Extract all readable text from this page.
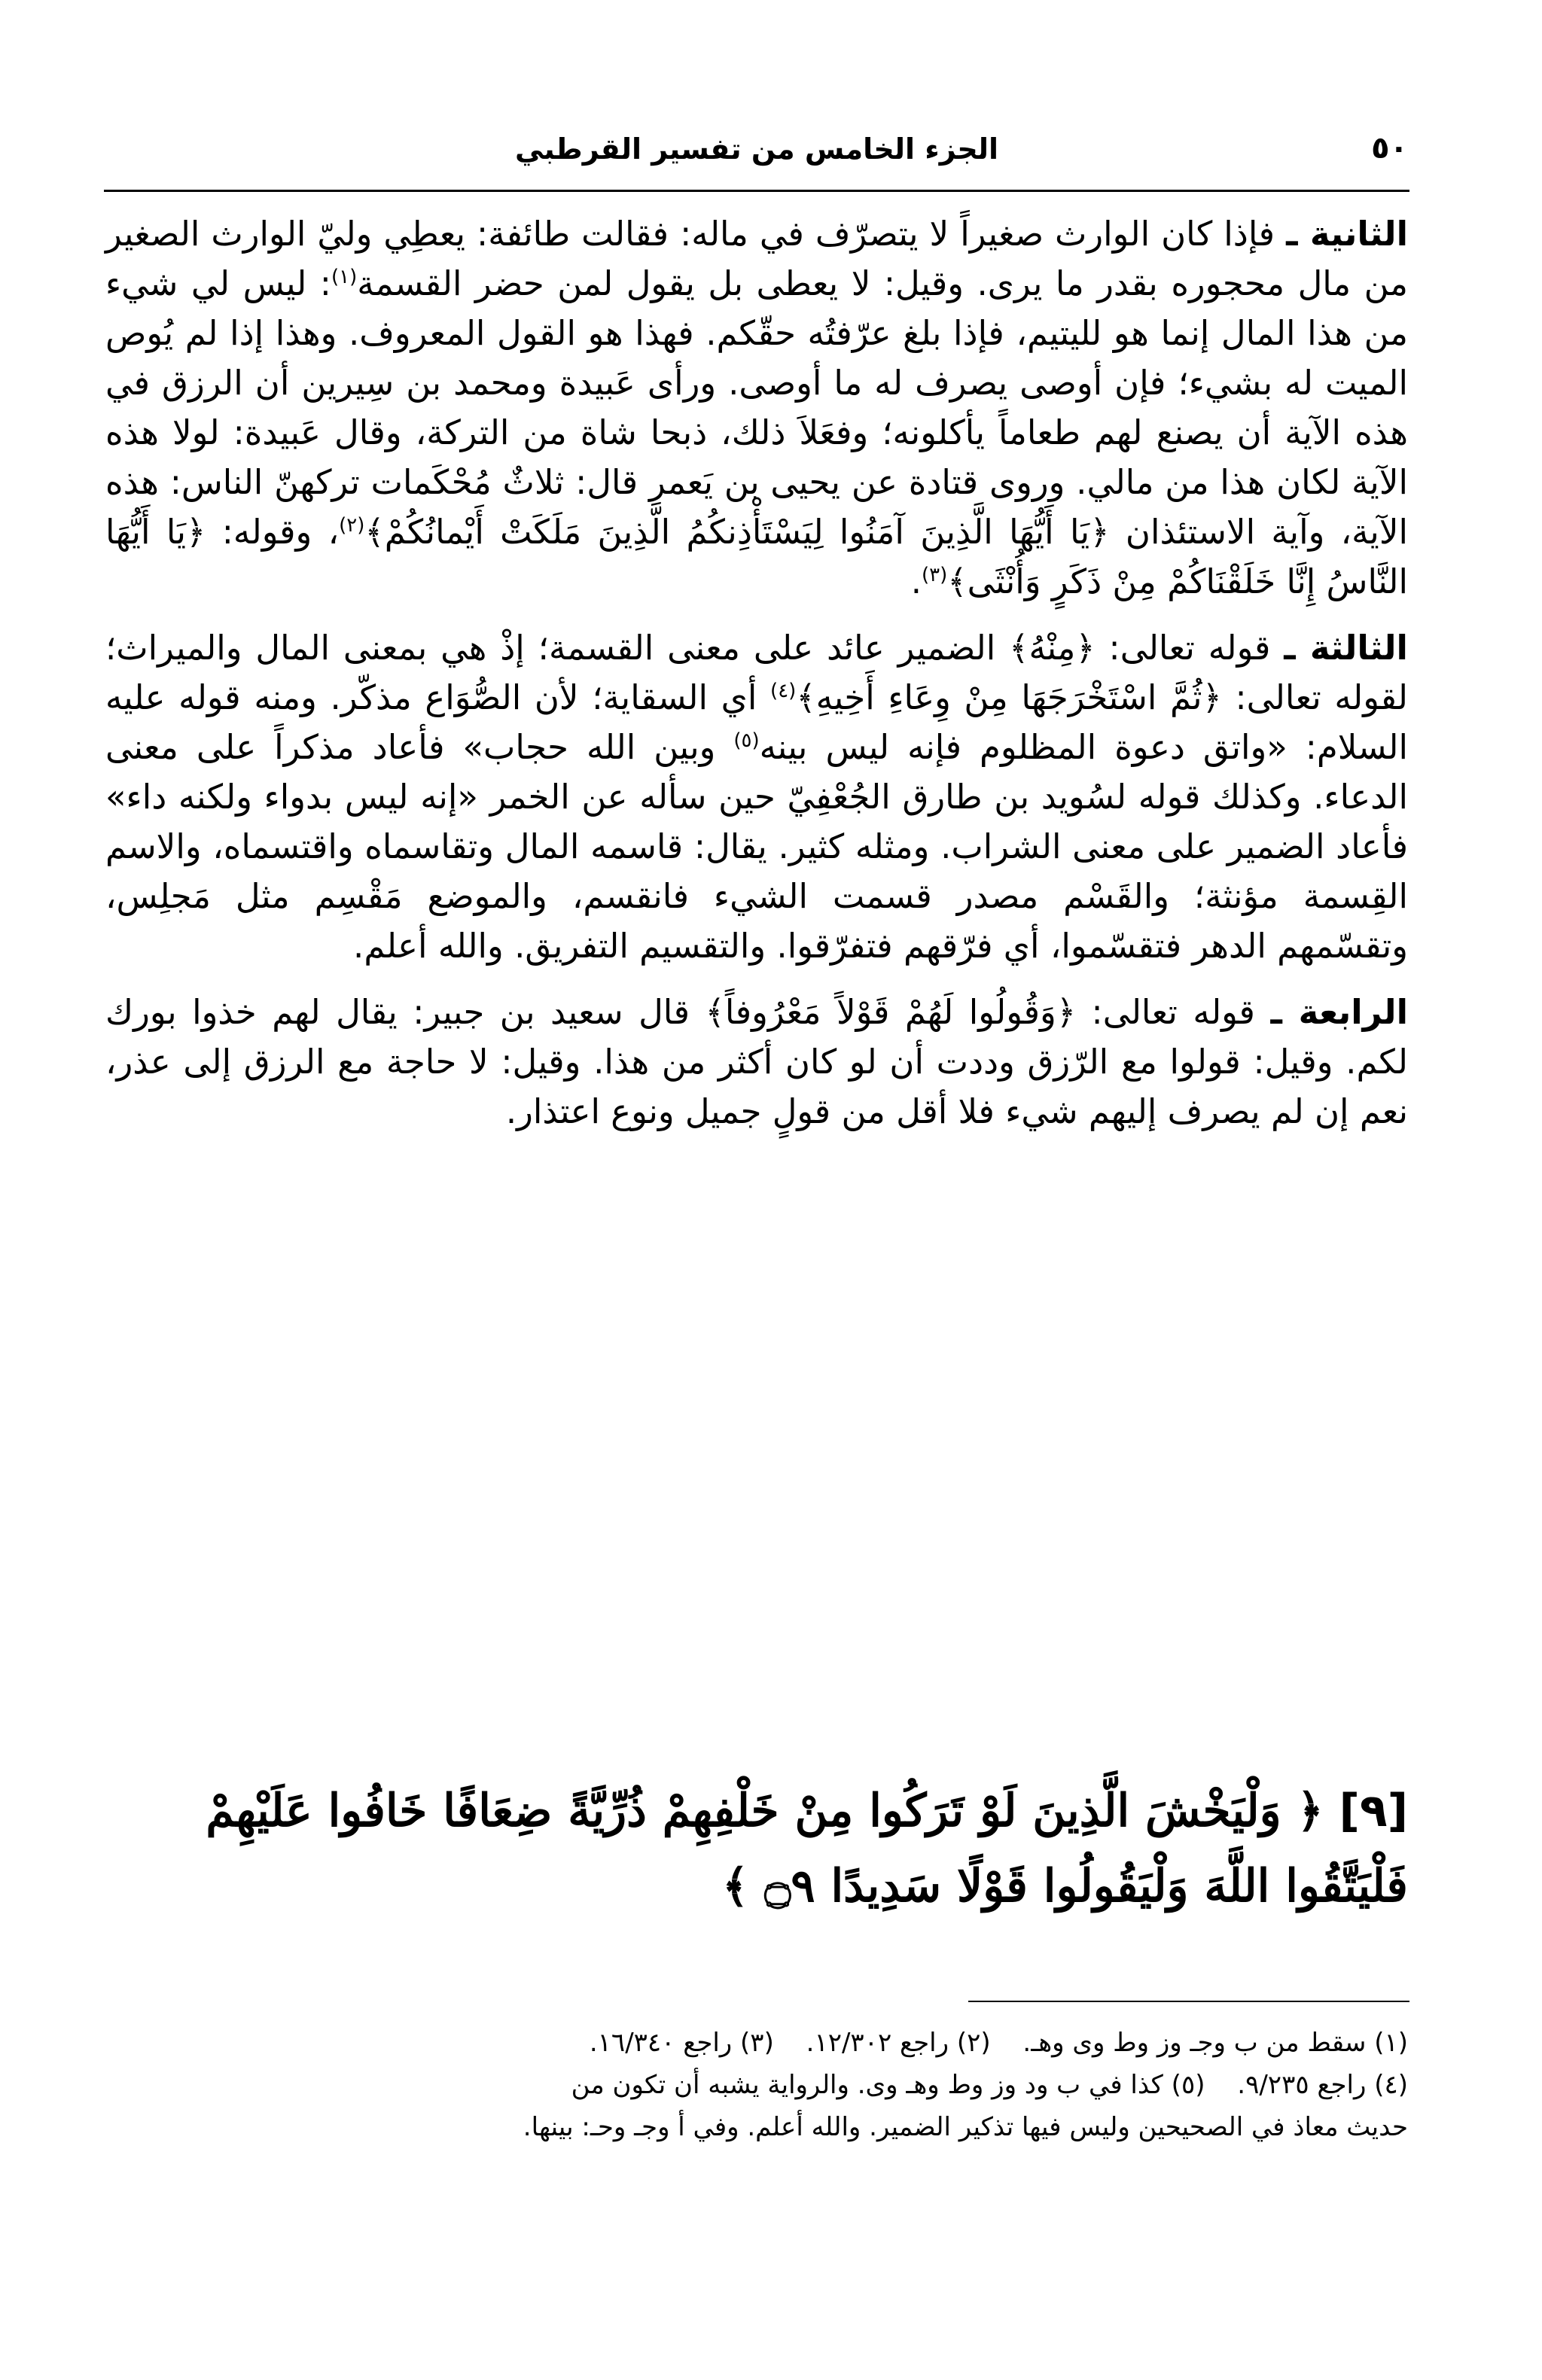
٥٠
الجزء الخامس من تفسير القرطبي

الثانية ـ فإذا كان الوارث صغيراً لا يتصرّف في ماله: فقالت طائفة: يعطِي وليّ الوارث الصغير من مال محجوره بقدر ما يرى. وقيل: لا يعطى بل يقول لمن حضر القسمة$^{(١)}$: ليس لي شيء من هذا المال إنما هو لليتيم، فإذا بلغ عرّفتُه حقّكم. فهذا هو القول المعروف. وهذا إذا لم يُوص الميت له بشيء؛ فإن أوصى يصرف له ما أوصى. ورأى عَبيدة ومحمد بن سِيرين أن الرزق في هذه الآية أن يصنع لهم طعاماً يأكلونه؛ وفعَلاَ ذلك، ذبحا شاة من التركة، وقال عَبيدة: لولا هذه الآية لكان هذا من مالي. وروى قتادة عن يحيى بن يَعمر قال: ثلاثٌ مُحْكَمات تركهنّ الناس: هذه الآية، وآية الاستئذان ﴿يَا أَيُّهَا الَّذِينَ آمَنُوا لِيَسْتَأْذِنكُمُ الَّذِينَ مَلَكَتْ أَيْمانُكُمْ﴾$^{(٢)}$، وقوله: ﴿يَا أَيُّهَا النَّاسُ إِنَّا خَلَقْنَاكُمْ مِنْ ذَكَرٍ وَأُنْثَى﴾$^{(٣)}$.

الثالثة ـ قوله تعالى: ﴿مِنْهُ﴾ الضمير عائد على معنى القسمة؛ إذْ هي بمعنى المال والميراث؛ لقوله تعالى: ﴿ثُمَّ اسْتَخْرَجَهَا مِنْ وِعَاءِ أَخِيهِ﴾$^{(٤)}$ أي السقاية؛ لأن الصُّوَاع مذكّر. ومنه قوله عليه السلام: «واتق دعوة المظلوم فإنه ليس بينه$^{(٥)}$ وبين الله حجاب» فأعاد مذكراً على معنى الدعاء. وكذلك قوله لسُويد بن طارق الجُعْفِيّ حين سأله عن الخمر «إنه ليس بدواء ولكنه داء» فأعاد الضمير على معنى الشراب. ومثله كثير. يقال: قاسمه المال وتقاسماه واقتسماه، والاسم القِسمة مؤنثة؛ والقَسْم مصدر قسمت الشيء فانقسم، والموضع مَقْسِم مثل مَجلِس، وتقسّمهم الدهر فتقسّموا، أي فرّقهم فتفرّقوا. والتقسيم التفريق. والله أعلم.

الرابعة ـ قوله تعالى: ﴿وَقُولُوا لَهُمْ قَوْلاً مَعْرُوفاً﴾ قال سعيد بن جبير: يقال لهم خذوا بورك لكم. وقيل: قولوا مع الرّزق وددت أن لو كان أكثر من هذا. وقيل: لا حاجة مع الرزق إلى عذر، نعم إن لم يصرف إليهم شيء فلا أقل من قولٍ جميل ونوع اعتذار.

[٩] ﴿ وَلْيَخْشَ الَّذِينَ لَوْ تَرَكُوا مِنْ خَلْفِهِمْ ذُرِّيَّةً ضِعَافًا خَافُوا عَلَيْهِمْ فَلْيَتَّقُوا اللَّهَ وَلْيَقُولُوا قَوْلًا سَدِيدًا ۝٩ ﴾
(١) سقط من ب وجـ وز وط وى وهـ. (٢) راجع ١٢/٣٠٢. (٣) راجع ١٦/٣٤٠.
(٤) راجع ٩/٢٣٥. (٥) كذا في ب ود وز وط وهـ وى. والرواية يشبه أن تكون من
حديث معاذ في الصحيحين وليس فيها تذكير الضمير. والله أعلم. وفي أ وجـ وحـ: بينها.
